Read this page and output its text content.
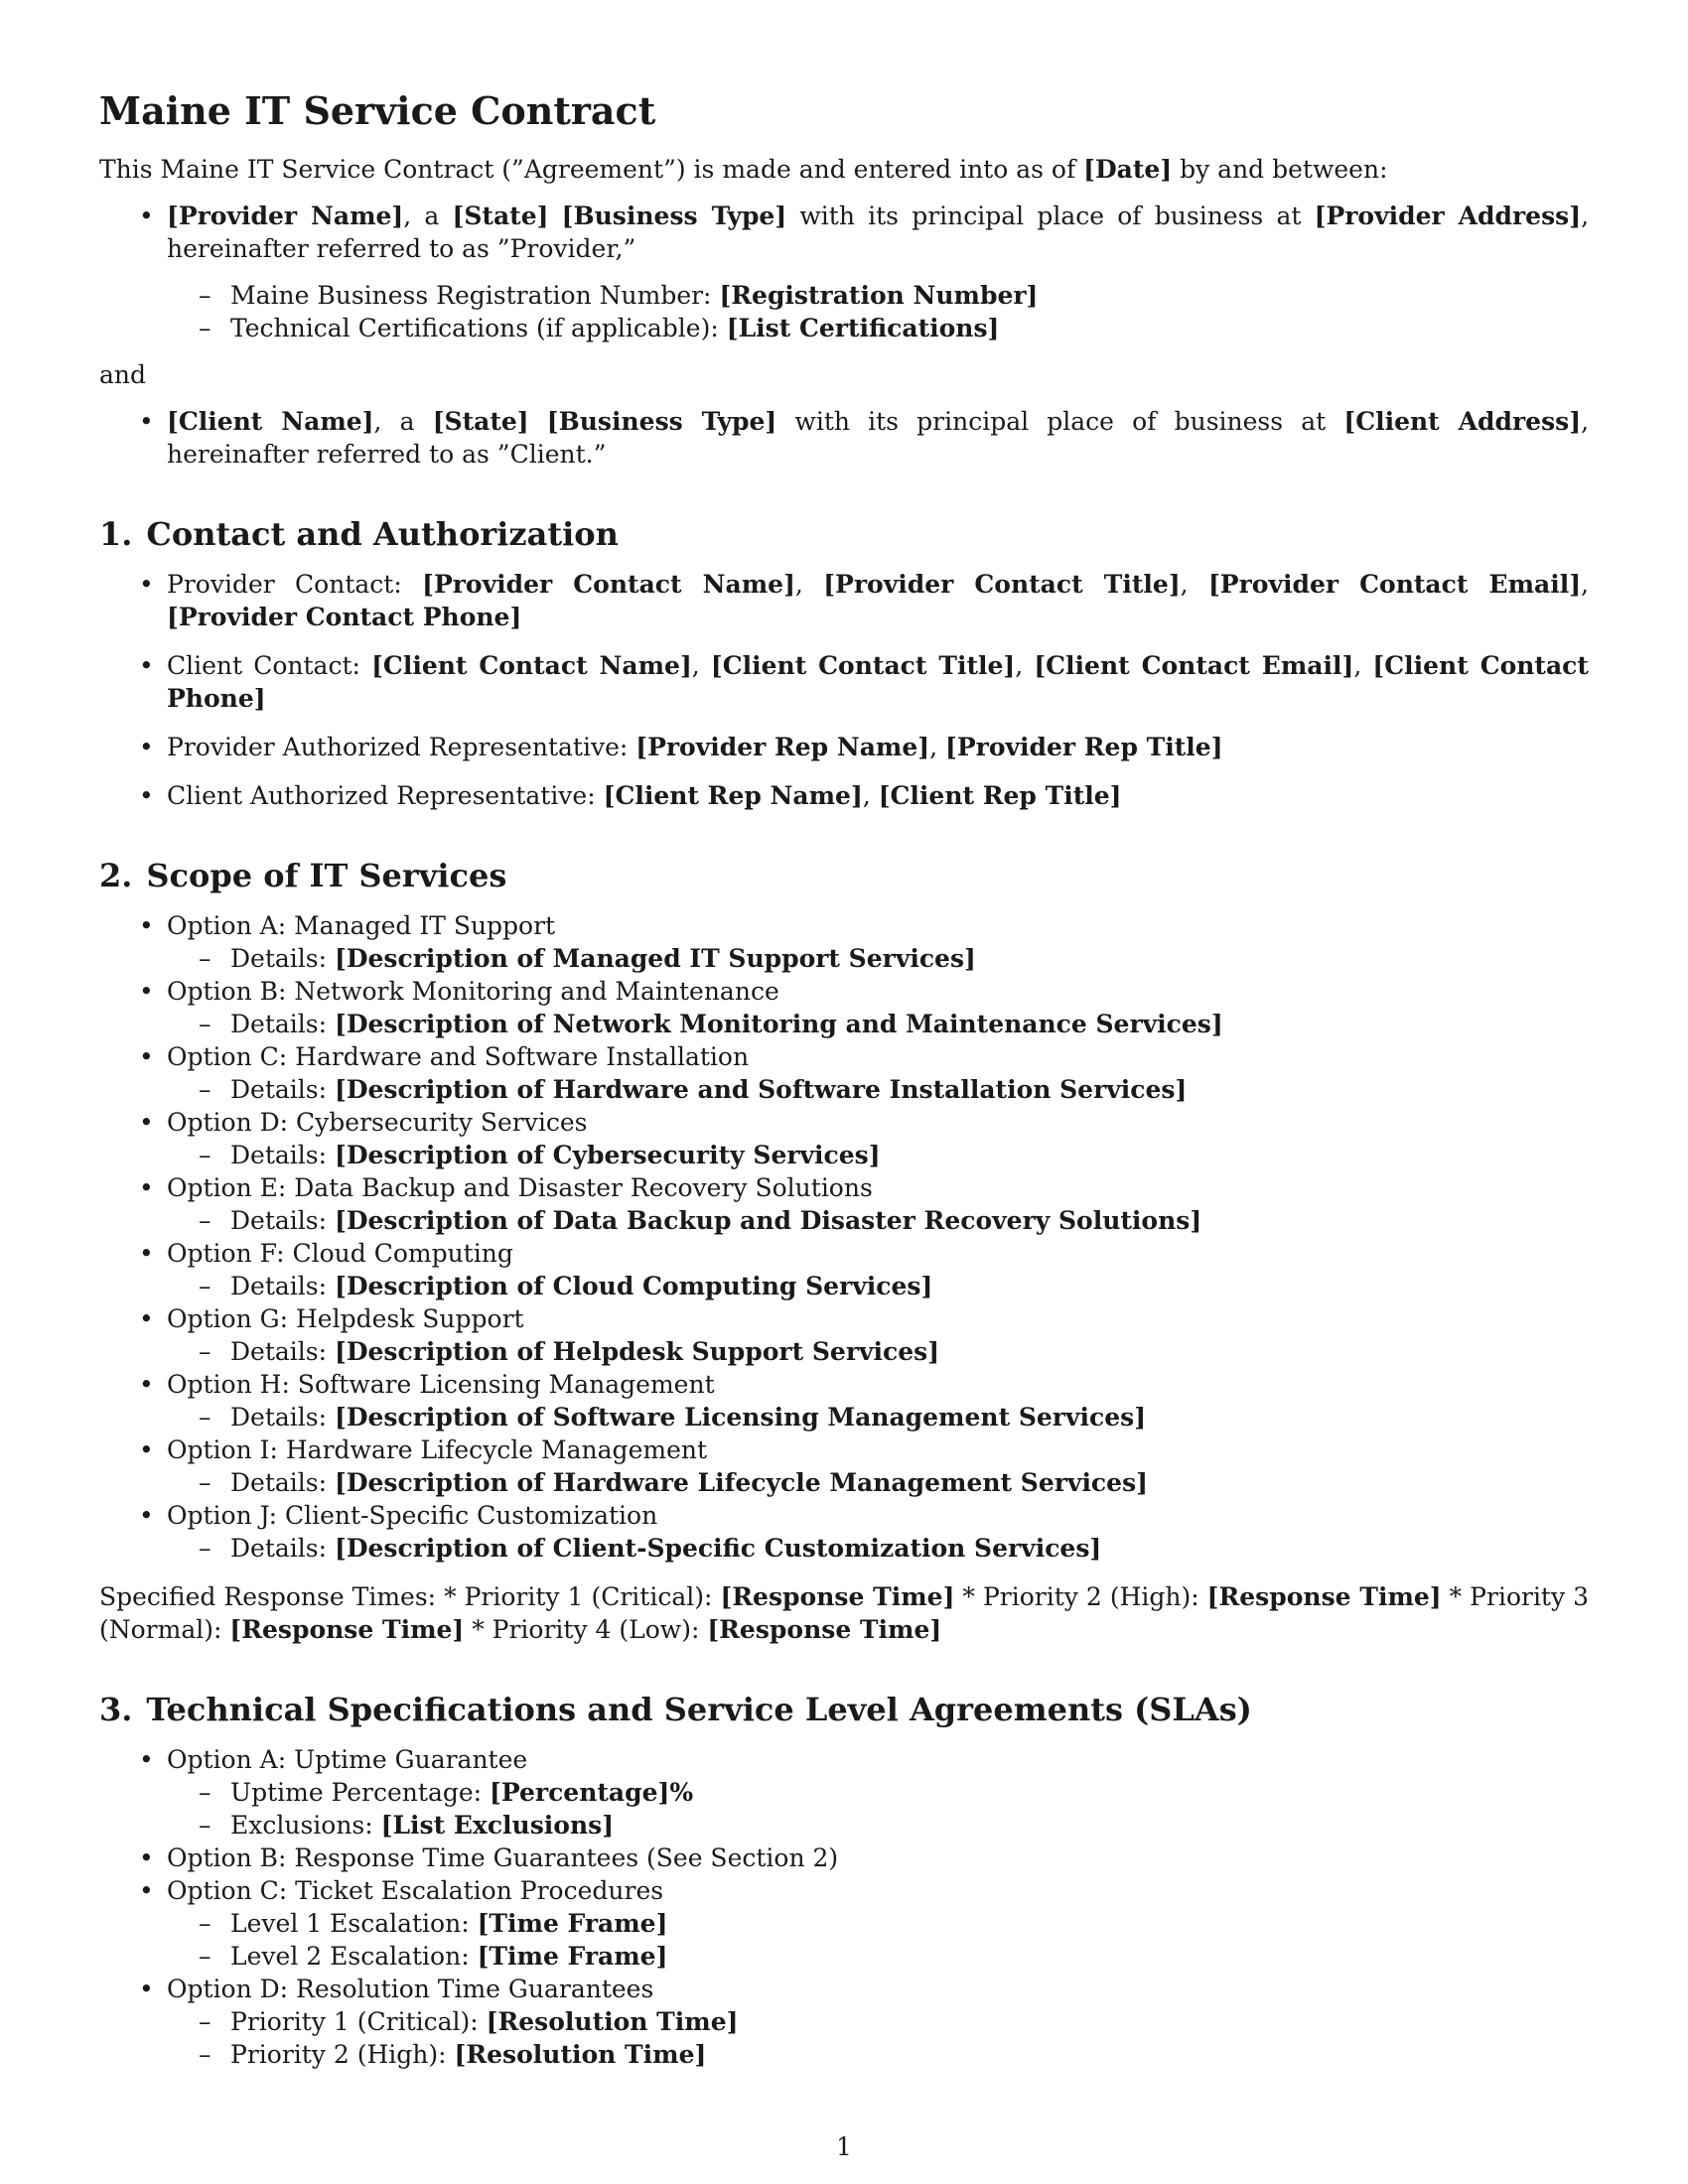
Maine IT Service Contract

This Maine IT Service Contract (”Agreement”) is made and entered into as of [Date] by and between:

• [Provider Name], a [State] [Business Type] with its principal place of business at [Provider Address], hereinafter referred to as ”Provider,”
– Maine Business Registration Number: [Registration Number]
– Technical Certifications (if applicable): [List Certifications]

and

• [Client Name], a [State] [Business Type] with its principal place of business at [Client Address], hereinafter referred to as ”Client.”
1. Contact and Authorization
• Provider Contact: [Provider Contact Name], [Provider Contact Title], [Provider Contact Email], [Provider Contact Phone]
• Client Contact: [Client Contact Name], [Client Contact Title], [Client Contact Email], [Client Contact Phone]
• Provider Authorized Representative: [Provider Rep Name], [Provider Rep Title]
• Client Authorized Representative: [Client Rep Name], [Client Rep Title]
2. Scope of IT Services
• Option A: Managed IT Support
– Details: [Description of Managed IT Support Services]
• Option B: Network Monitoring and Maintenance
– Details: [Description of Network Monitoring and Maintenance Services]
• Option C: Hardware and Software Installation
– Details: [Description of Hardware and Software Installation Services]
• Option D: Cybersecurity Services
– Details: [Description of Cybersecurity Services]
• Option E: Data Backup and Disaster Recovery Solutions
– Details: [Description of Data Backup and Disaster Recovery Solutions]
• Option F: Cloud Computing
– Details: [Description of Cloud Computing Services]
• Option G: Helpdesk Support
– Details: [Description of Helpdesk Support Services]
• Option H: Software Licensing Management
– Details: [Description of Software Licensing Management Services]
• Option I: Hardware Lifecycle Management
– Details: [Description of Hardware Lifecycle Management Services]
• Option J: Client-Specific Customization
– Details: [Description of Client-Specific Customization Services]

Specified Response Times: * Priority 1 (Critical): [Response Time] * Priority 2 (High): [Response Time] * Priority 3 (Normal): [Response Time] * Priority 4 (Low): [Response Time]

3. Technical Specifications and Service Level Agreements (SLAs)
• Option A: Uptime Guarantee
– Uptime Percentage: [Percentage]%
– Exclusions: [List Exclusions]
• Option B: Response Time Guarantees (See Section 2)
• Option C: Ticket Escalation Procedures
– Level 1 Escalation: [Time Frame]
– Level 2 Escalation: [Time Frame]
• Option D: Resolution Time Guarantees
– Priority 1 (Critical): [Resolution Time]
– Priority 2 (High): [Resolution Time]
1
